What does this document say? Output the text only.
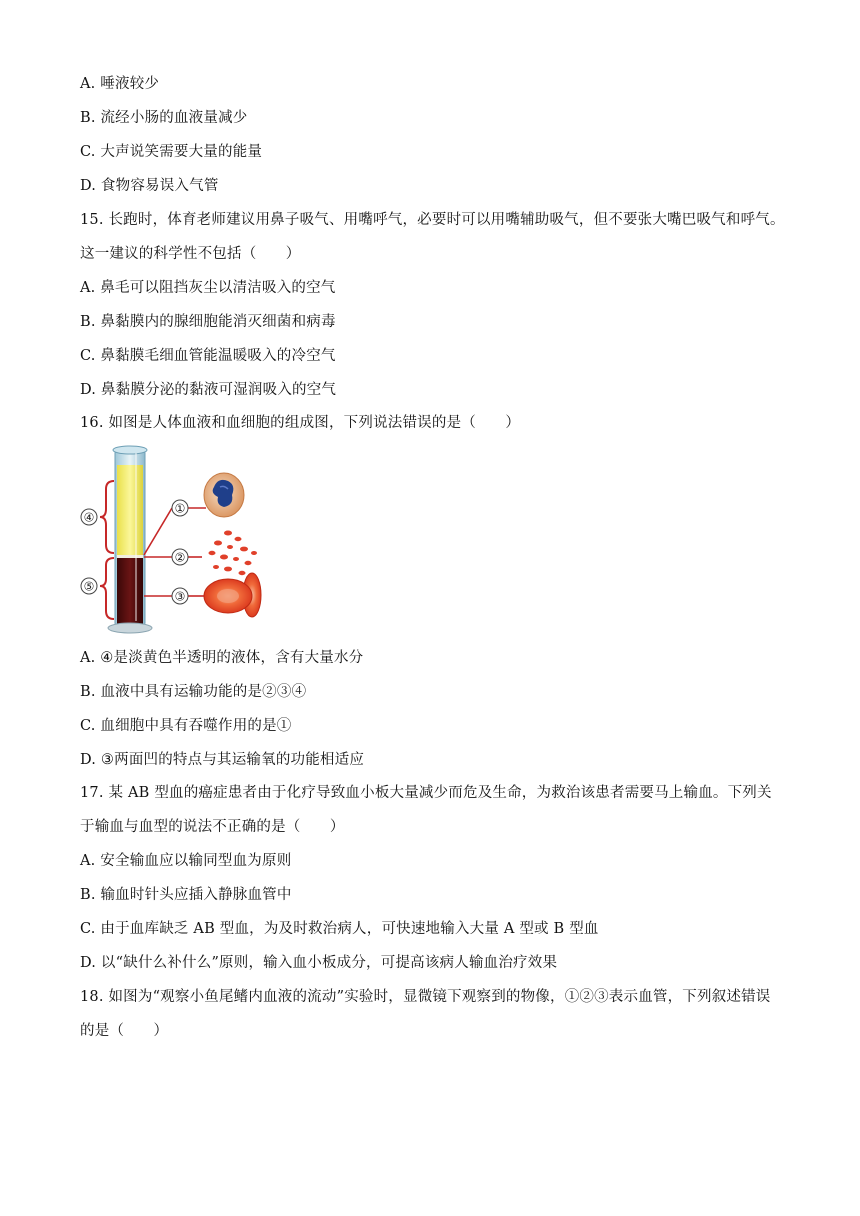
A. 唾液较少
B. 流经小肠的血液量减少
C. 大声说笑需要大量的能量
D. 食物容易误入气管
15. 长跑时，体育老师建议用鼻子吸气、用嘴呼气，必要时可以用嘴辅助吸气，但不要张大嘴巴吸气和呼气。
这一建议的科学性不包括（　　）
A. 鼻毛可以阻挡灰尘以清洁吸入的空气
B. 鼻黏膜内的腺细胞能消灭细菌和病毒
C. 鼻黏膜毛细血管能温暖吸入的冷空气
D. 鼻黏膜分泌的黏液可湿润吸入的空气
16. 如图是人体血液和血细胞的组成图，下列说法错误的是（　　）
④
⑤
①
②
③
A. ④是淡黄色半透明的液体，含有大量水分
B. 血液中具有运输功能的是②③④
C. 血细胞中具有吞噬作用的是①
D. ③两面凹的特点与其运输氧的功能相适应
17. 某 AB 型血的癌症患者由于化疗导致血小板大量减少而危及生命，为救治该患者需要马上输血。下列关
于输血与血型的说法不正确的是（　　）
A. 安全输血应以输同型血为原则
B. 输血时针头应插入静脉血管中
C. 由于血库缺乏 AB 型血，为及时救治病人，可快速地输入大量 A 型或 B 型血
D. 以“缺什么补什么”原则，输入血小板成分，可提高该病人输血治疗效果
18. 如图为“观察小鱼尾鳍内血液的流动”实验时，显微镜下观察到的物像，①②③表示血管，下列叙述错误
的是（　　）
